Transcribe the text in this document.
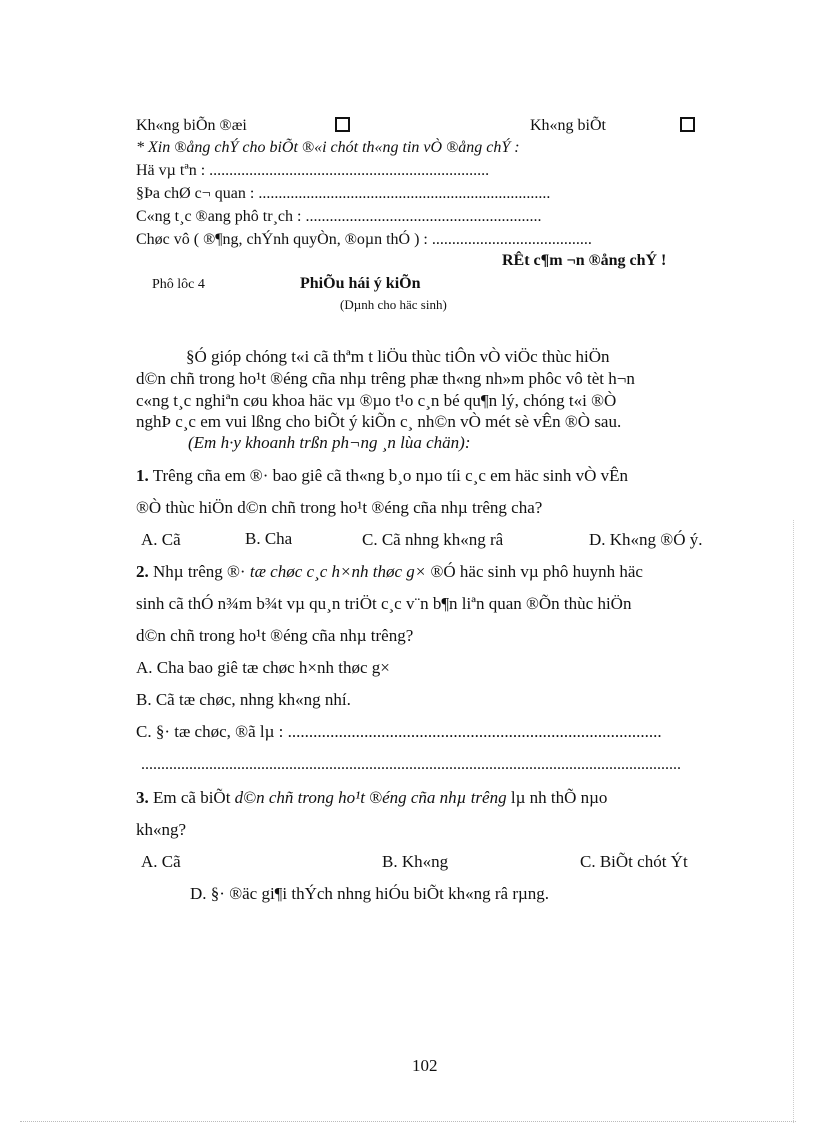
Kh«ng biÕn ®æi	Kh«ng biÕt
* Xin ®ång chÝ cho biÕt ®«i chót th«ng tin vÒ ®ång chÝ :
Hä vµ tªn : ......................................................................
§Þa chØ c¬ quan : .........................................................................
C«ng t¸c ®ang phô tr¸ch : ...........................................................
Chøc vô ( ®¶ng, chÝnh quyÒn, ®oµn thÓ ) : ........................................
RÊt c¶m ¬n ®ång chÝ !
Phô lôc 4	PhiÕu hái ý kiÕn
(Dµnh cho häc sinh)
§Ó gióp chóng t«i cã thªm t liÖu thùc tiÔn vÒ viÖc thùc hiÖn
d©n chñ trong ho¹t ®éng cña nhµ trêng phæ th«ng nh»m phôc vô tèt h¬n
c«ng t¸c nghiªn cøu khoa häc vµ ®µo t¹o c¸n bé qu¶n lý, chóng t«i ®Ò
nghÞ c¸c em vui lßng cho biÕt ý kiÕn c¸ nh©n vÒ mét sè vÊn ®Ò sau.
(Em h·y khoanh trßn ph¬ng ¸n lùa chän):
1. Trêng cña em ®· bao giê cã th«ng b¸o nµo tíi c¸c em häc sinh vÒ vÊn
®Ò thùc hiÖn d©n chñ trong ho¹t ®éng cña nhµ trêng cha?
A. Cã	B. Cha	C. Cã nhng kh«ng râ	D. Kh«ng ®Ó ý.
2. Nhµ trêng ®· tæ chøc c¸c h×nh thøc g× ®Ó häc sinh vµ phô huynh häc
sinh cã thÓ n¾m b¾t vµ qu¸n triÖt c¸c v¨n b¶n liªn quan ®Õn thùc hiÖn
d©n chñ trong ho¹t ®éng cña nhµ trêng?
A. Cha bao giê tæ chøc h×nh thøc g×
B. Cã tæ chøc, nhng kh«ng nhí.
C. §· tæ chøc, ®ã lµ : ........................................................................................
.......................................................................................................................................
3. Em cã biÕt d©n chñ trong ho¹t ®éng cña nhµ trêng lµ nh thÕ nµo
kh«ng?
A. Cã	B. Kh«ng	C. BiÕt chót Ýt
D. §· ®äc gi¶i thÝch nhng hiÓu biÕt kh«ng râ rµng.
102
